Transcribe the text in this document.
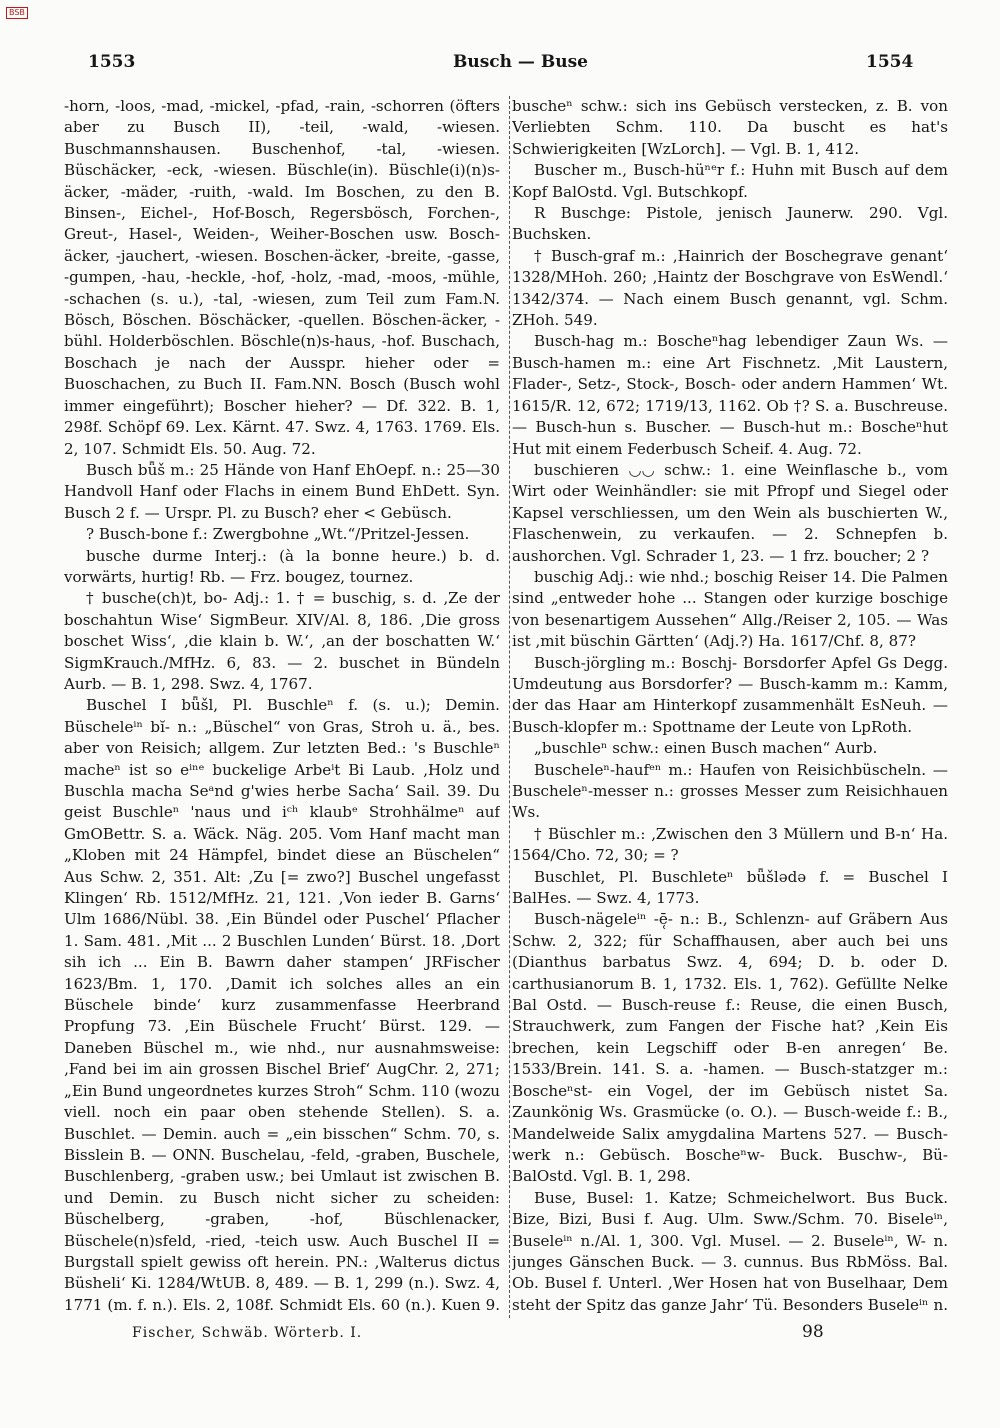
BSB
1553	Busch — Buse	1554

-horn, -loos, -mad, -mickel, -pfad, -rain, -schorren (öfters aber zu Busch II), -teil, -wald, -wiesen. Buschmannshausen. Buschenhof, -tal, -wiesen. Büschäcker, -eck, -wiesen. Büschle(in). Büschle(i)(n)s-äcker, -mäder, -ruith, -wald. Im Boschen, zu den B. Binsen-, Eichel-, Hof-Bosch, Regersbösch, Forchen-, Greut-, Hasel-, Weiden-, Weiher-Boschen usw. Bosch-äcker, -jauchert, -wiesen. Boschen-äcker, -breite, -gasse, -gumpen, -hau, -heckle, -hof, -holz, -mad, -moos, -mühle, -schachen (s. u.), -tal, -wiesen, zum Teil zum Fam.N. Bösch, Böschen. Böschäcker, -quellen. Böschen-äcker, -bühl. Holderböschlen. Böschle(n)s-haus, -hof. Buschach, Boschach je nach der Ausspr. hieher oder = Buoschachen, zu Buch II. Fam.NN. Bosch (Busch wohl immer eingeführt); Boscher hieher? — Df. 322. B. 1, 298f. Schöpf 69. Lex. Kärnt. 47. Swz. 4, 1763. 1769. Els. 2, 107. Schmidt Els. 50. Aug. 72.

Busch bǖš m.: 25 Hände von Hanf EhOepf. n.: 25—30 Handvoll Hanf oder Flachs in einem Bund EhDett. Syn. Busch 2 f. — Urspr. Pl. zu Busch? eher < Gebüsch.

? Busch-bone f.: Zwergbohne „Wt.“/Pritzel-Jessen.

busche durme Interj.: (à la bonne heure.) b. d. vorwärts, hurtig! Rb. — Frz. bougez, tournez.

† busche(ch)t, bo- Adj.: 1. † = buschig, s. d. ‚Ze der boschahtun Wise‘ SigmBeur. XIV/Al. 8, 186. ‚Die gross boschet Wiss‘, ‚die klain b. W.‘, ‚an der boschatten W.‘ SigmKrauch./MfHz. 6, 83. — 2. buschet in Bündeln Aurb. — B. 1, 298. Swz. 4, 1767.

Buschel I bǖšl, Pl. Buschleⁿ f. (s. u.); Demin. Büscheleⁱⁿ bĭ- n.: „Büschel“ von Gras, Stroh u. ä., bes. aber von Reisich; allgem. Zur letzten Bed.: 's Buschleⁿ macheⁿ ist so eⁱⁿᵉ buckelige Arbeⁱt Bi Laub. ‚Holz und Buschla macha Seᵃnd g'wies herbe Sacha‘ Sail. 39. Du geist Buschleⁿ 'naus und iᶜʰ klaubᵉ Strohhälmeⁿ auf GmOBettr. S. a. Wäck. Näg. 205. Vom Hanf macht man „Kloben mit 24 Hämpfel, bindet diese an Büschelen“ Aus Schw. 2, 351. Alt: ‚Zu [= zwo?] Buschel ungefasst Klingen‘ Rb. 1512/MfHz. 21, 121. ‚Von ieder B. Garns‘ Ulm 1686/Nübl. 38. ‚Ein Bündel oder Puschel‘ Pflacher 1. Sam. 481. ‚Mit ... 2 Buschlen Lunden‘ Bürst. 18. ‚Dort sih ich ... Ein B. Bawrn daher stampen‘ JRFischer 1623/Bm. 1, 170. ‚Damit ich solches alles an ein Büschele binde‘ kurz zusammenfasse Heerbrand Propfung 73. ‚Ein Büschele Frucht‘ Bürst. 129. — Daneben Büschel m., wie nhd., nur ausnahmsweise: ‚Fand bei im ain grossen Bischel Brief‘ AugChr. 2, 271; „Ein Bund ungeordnetes kurzes Stroh“ Schm. 110 (wozu viell. noch ein paar oben stehende Stellen). S. a. Buschlet. — Demin. auch = „ein bisschen“ Schm. 70, s. Bisslein B. — ONN. Buschelau, -feld, -graben, Buschele, Buschlenberg, -graben usw.; bei Umlaut ist zwischen B. und Demin. zu Busch nicht sicher zu scheiden: Büschelberg, -graben, -hof, Büschlenacker, Büschele(n)sfeld, -ried, -teich usw. Auch Buschel II = Burgstall spielt gewiss oft herein. PN.: ‚Walterus dictus Büsheli‘ Ki. 1284/WtUB. 8, 489. — B. 1, 299 (n.). Swz. 4, 1771 (m. f. n.). Els. 2, 108f. Schmidt Els. 60 (n.). Kuen 9.

buscheⁿ schw.: sich ins Gebüsch verstecken, z. B. von Verliebten Schm. 110. Da buscht es hat's Schwierigkeiten [WzLorch]. — Vgl. B. 1, 412.

Buscher m., Busch-hüⁿᵉr f.: Huhn mit Busch auf dem Kopf BalOstd. Vgl. Butschkopf.

R Buschge: Pistole, jenisch Jaunerw. 290. Vgl. Buchsken.

† Busch-graf m.: ‚Hainrich der Boschegrave genant‘ 1328/MHoh. 260; ‚Haintz der Boschgrave von EsWendl.‘ 1342/374. — Nach einem Busch genannt, vgl. Schm. ZHoh. 549.

Busch-hag m.: Boscheⁿhag lebendiger Zaun Ws. — Busch-hamen m.: eine Art Fischnetz. ‚Mit Laustern, Flader-, Setz-, Stock-, Bosch- oder andern Hammen‘ Wt. 1615/R. 12, 672; 1719/13, 1162. Ob †? S. a. Buschreuse. — Busch-hun s. Buscher. — Busch-hut m.: Boscheⁿhut Hut mit einem Federbusch Scheif. 4. Aug. 72.

buschieren ◡◡ schw.: 1. eine Weinflasche b., vom Wirt oder Weinhändler: sie mit Pfropf und Siegel oder Kapsel verschliessen, um den Wein als buschierten W., Flaschenwein, zu verkaufen. — 2. Schnepfen b. aushorchen. Vgl. Schrader 1, 23. — 1 frz. boucher; 2 ?

buschig Adj.: wie nhd.; boschig Reiser 14. Die Palmen sind „entweder hohe ... Stangen oder kurzige boschige von besenartigem Aussehen“ Allg./Reiser 2, 105. — Was ist ‚mit büschin Gärtten‘ (Adj.?) Ha. 1617/Chf. 8, 87?

Busch-jörgling m.: Boschj- Borsdorfer Apfel Gs Degg. Umdeutung aus Borsdorfer? — Busch-kamm m.: Kamm, der das Haar am Hinterkopf zusammenhält EsNeuh. — Busch-klopfer m.: Spottname der Leute von LpRoth.

„buschleⁿ schw.: einen Busch machen“ Aurb.

Buscheleⁿ-haufᵉⁿ m.: Haufen von Reisichbüscheln. — Buscheleⁿ-messer n.: grosses Messer zum Reisichhauen Ws.

† Büschler m.: ‚Zwischen den 3 Müllern und B-n‘ Ha. 1564/Cho. 72, 30; = ?

Buschlet, Pl. Buschleteⁿ bǖšlədə f. = Buschel I BalHes. — Swz. 4, 1773.

Busch-nägeleⁱⁿ -ē̜- n.: B., Schlenzn- auf Gräbern Aus Schw. 2, 322; für Schaffhausen, aber auch bei uns (Dianthus barbatus Swz. 4, 694; D. b. oder D. carthusianorum B. 1, 1732. Els. 1, 762). Gefüllte Nelke Bal Ostd. — Busch-reuse f.: Reuse, die einen Busch, Strauchwerk, zum Fangen der Fische hat? ‚Kein Eis brechen, kein Legschiff oder B-en anregen‘ Be. 1533/Brein. 141. S. a. -hamen. — Busch-statzger m.: Boscheⁿst- ein Vogel, der im Gebüsch nistet Sa. Zaunkönig Ws. Grasmücke (o. O.). — Busch-weide f.: B., Mandelweide Salix amygdalina Martens 527. — Busch-werk n.: Gebüsch. Boscheⁿw- Buck. Buschw-, Bü- BalOstd. Vgl. B. 1, 298.

Buse, Busel: 1. Katze; Schmeichelwort. Bus Buck. Bize, Bizi, Busi f. Aug. Ulm. Sww./Schm. 70. Biseleⁱⁿ, Buseleⁱⁿ n./Al. 1, 300. Vgl. Musel. — 2. Buseleⁱⁿ, W- n. junges Gänschen Buck. — 3. cunnus. Bus RbMöss. Bal. Ob. Busel f. Unterl. ‚Wer Hosen hat von Buselhaar, Dem steht der Spitz das ganze Jahr‘ Tü. Besonders Buseleⁱⁿ n.

Fischer, Schwäb. Wörterb. I.	98
